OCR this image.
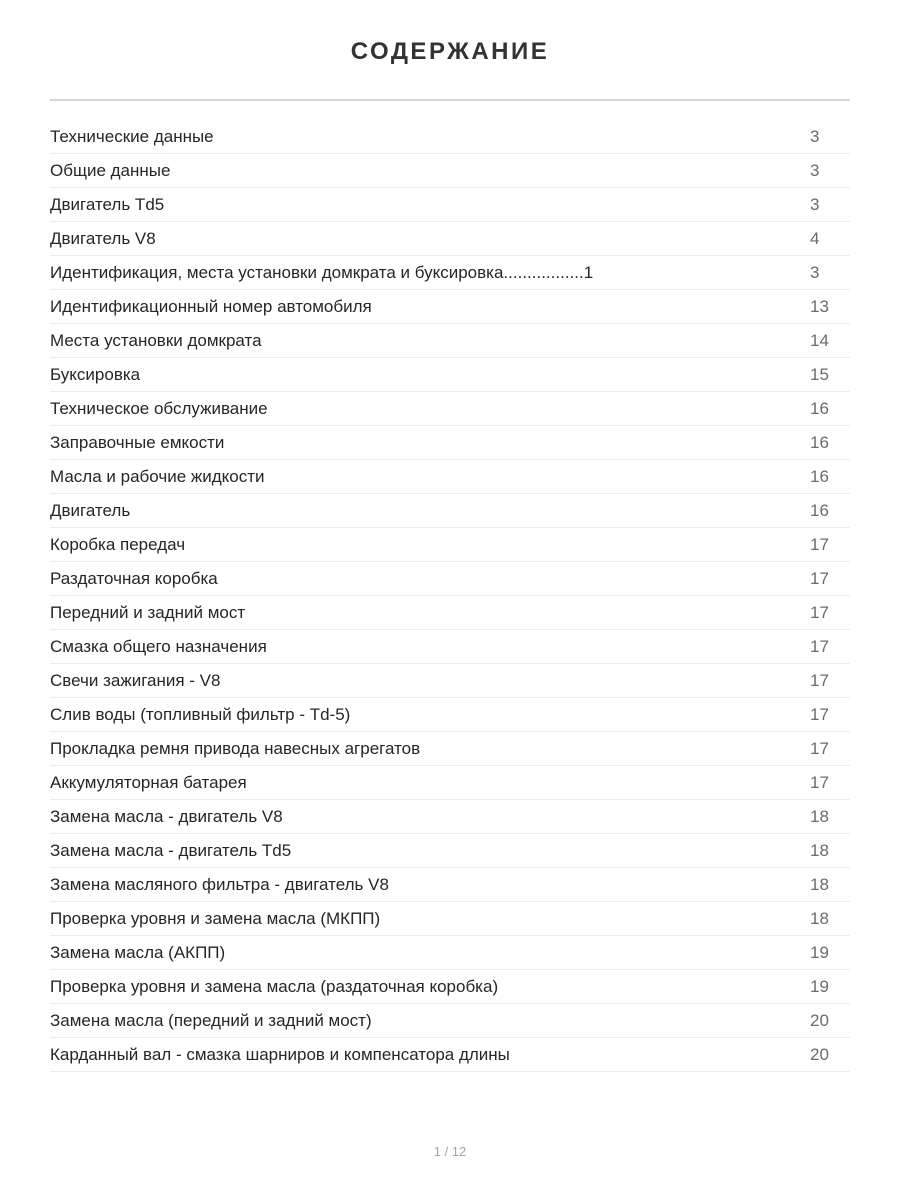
СОДЕРЖАНИЕ
Технические данные	3
Общие данные	3
Двигатель Td5	3
Двигатель V8	4
Идентификация, места установки домкрата и буксировка.................1	3
Идентификационный номер автомобиля	13
Места установки домкрата	14
Буксировка	15
Техническое обслуживание	16
Заправочные емкости	16
Масла и рабочие жидкости	16
Двигатель	16
Коробка передач	17
Раздаточная коробка	17
Передний и задний мост	17
Смазка общего назначения	17
Свечи зажигания - V8	17
Слив воды (топливный фильтр - Td-5)	17
Прокладка ремня привода навесных агрегатов	17
Аккумуляторная батарея	17
Замена масла - двигатель V8	18
Замена масла - двигатель Td5	18
Замена масляного фильтра - двигатель V8	18
Проверка уровня и замена масла (МКПП)	18
Замена масла (АКПП)	19
Проверка уровня и замена масла (раздаточная коробка)	19
Замена масла (передний и задний мост)	20
Карданный вал - смазка шарниров и компенсатора длины	20
1 / 12
